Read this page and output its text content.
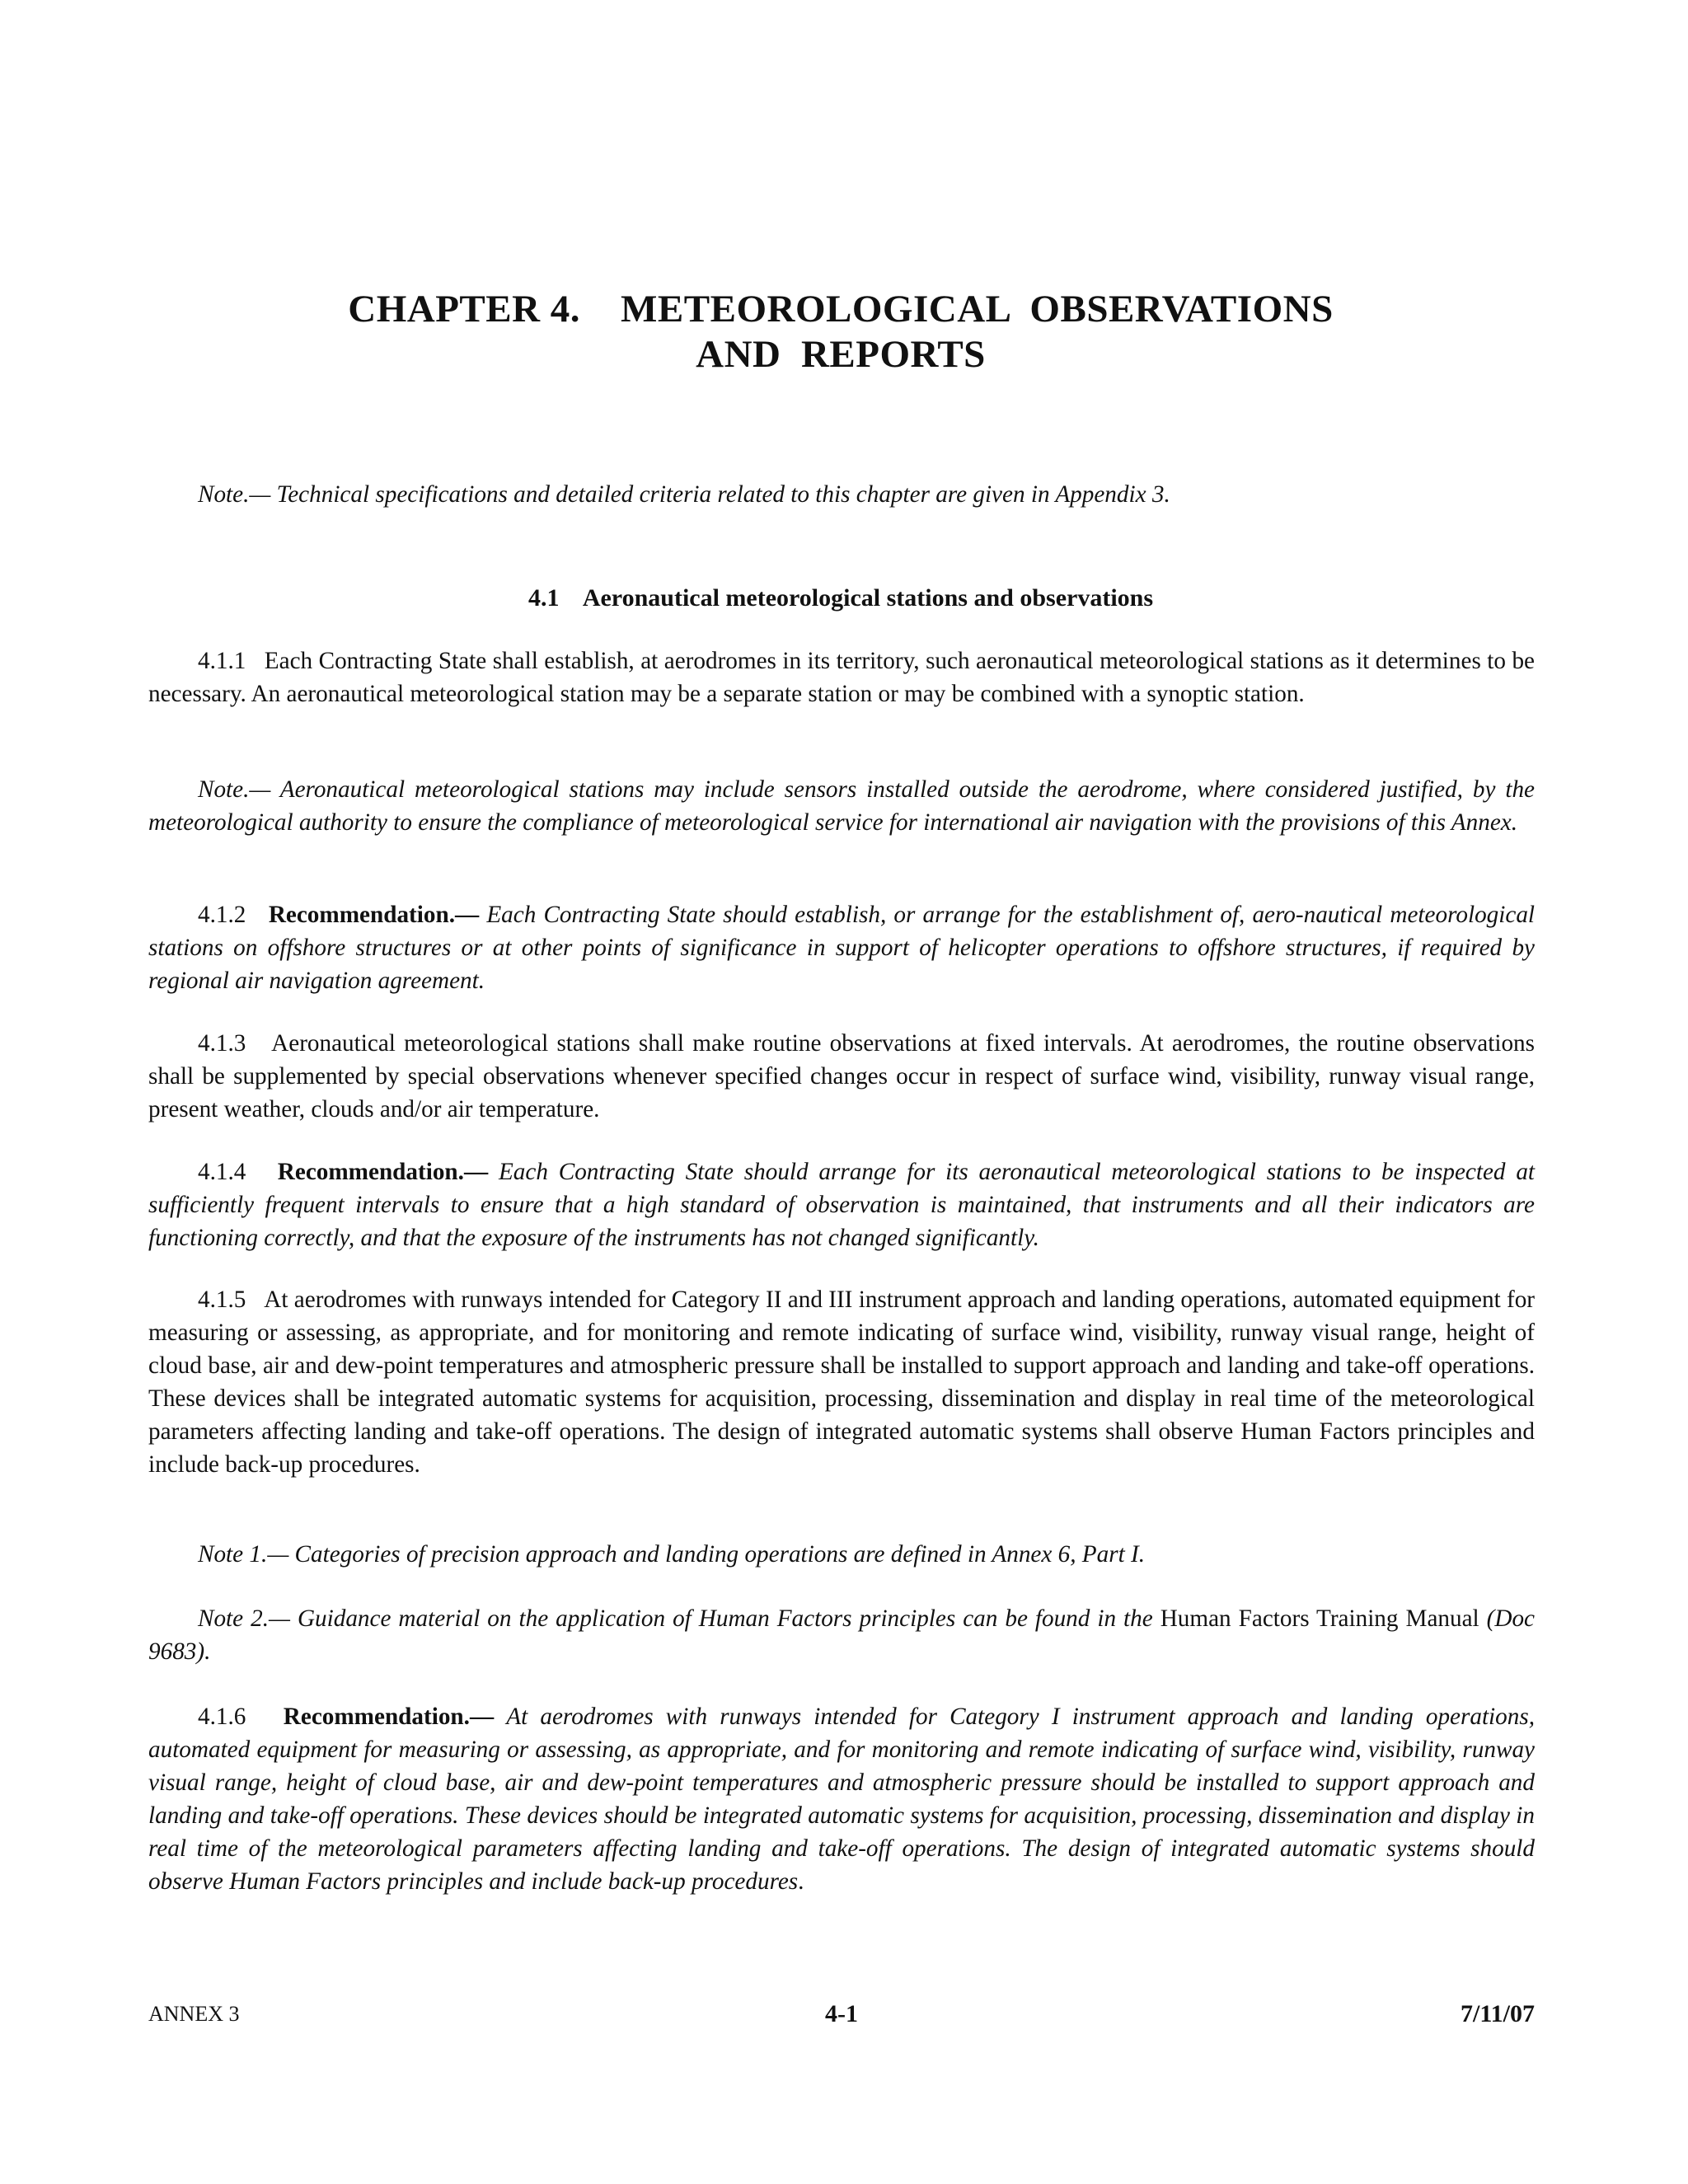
CHAPTER 4.    METEOROLOGICAL  OBSERVATIONS
AND  REPORTS
Note.— Technical specifications and detailed criteria related to this chapter are given in Appendix 3.
4.1 Aeronautical meteorological stations and observations
4.1.1 Each Contracting State shall establish, at aerodromes in its territory, such aeronautical meteorological stations as it determines to be necessary. An aeronautical meteorological station may be a separate station or may be combined with a synoptic station.
Note.— Aeronautical meteorological stations may include sensors installed outside the aerodrome, where considered justified, by the meteorological authority to ensure the compliance of meteorological service for international air navigation with the provisions of this Annex.
4.1.2 Recommendation.— Each Contracting State should establish, or arrange for the establishment of, aero-nautical meteorological stations on offshore structures or at other points of significance in support of helicopter operations to offshore structures, if required by regional air navigation agreement.
4.1.3 Aeronautical meteorological stations shall make routine observations at fixed intervals. At aerodromes, the routine observations shall be supplemented by special observations whenever specified changes occur in respect of surface wind, visibility, runway visual range, present weather, clouds and/or air temperature.
4.1.4 Recommendation.— Each Contracting State should arrange for its aeronautical meteorological stations to be inspected at sufficiently frequent intervals to ensure that a high standard of observation is maintained, that instruments and all their indicators are functioning correctly, and that the exposure of the instruments has not changed significantly.
4.1.5 At aerodromes with runways intended for Category II and III instrument approach and landing operations, automated equipment for measuring or assessing, as appropriate, and for monitoring and remote indicating of surface wind, visibility, runway visual range, height of cloud base, air and dew-point temperatures and atmospheric pressure shall be installed to support approach and landing and take-off operations. These devices shall be integrated automatic systems for acquisition, processing, dissemination and display in real time of the meteorological parameters affecting landing and take-off operations. The design of integrated automatic systems shall observe Human Factors principles and include back-up procedures.
Note 1.— Categories of precision approach and landing operations are defined in Annex 6, Part I.
Note 2.— Guidance material on the application of Human Factors principles can be found in the Human Factors Training Manual (Doc 9683).
4.1.6 Recommendation.— At aerodromes with runways intended for Category I instrument approach and landing operations, automated equipment for measuring or assessing, as appropriate, and for monitoring and remote indicating of surface wind, visibility, runway visual range, height of cloud base, air and dew-point temperatures and atmospheric pressure should be installed to support approach and landing and take-off operations. These devices should be integrated automatic systems for acquisition, processing, dissemination and display in real time of the meteorological parameters affecting landing and take-off operations. The design of integrated automatic systems should observe Human Factors principles and include back-up procedures.
ANNEX 3	4-1	7/11/07
